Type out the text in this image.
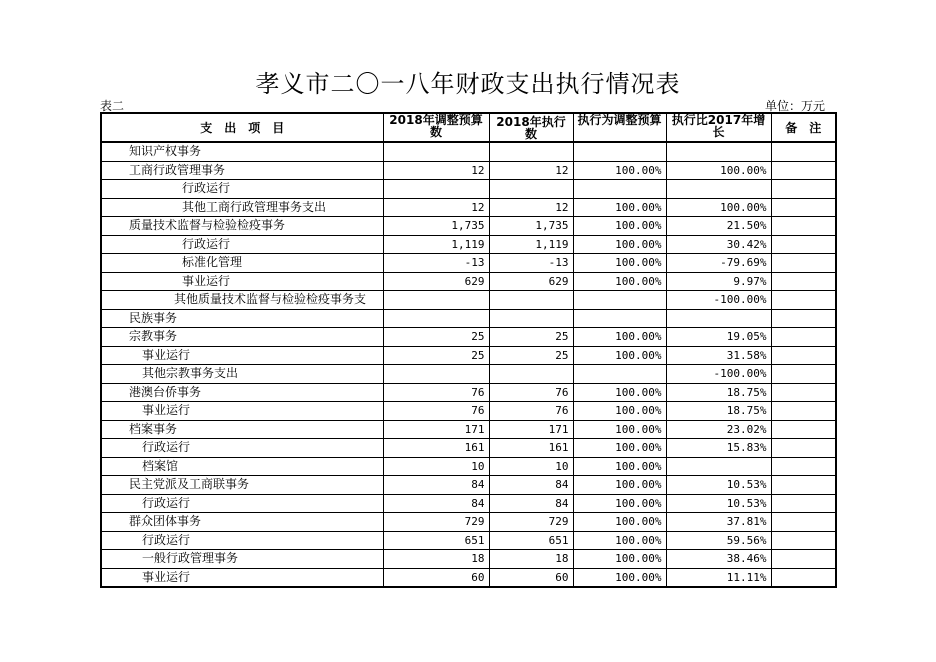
孝义市二〇一八年财政支出执行情况表
表二	单位：万元
支　出　项　目	2018年调整预算数	2018年执行数	执行为调整预算	执行比2017年增长	备　注
知识产权事务					
工商行政管理事务	12	12	100.00%	100.00%	
行政运行					
其他工商行政管理事务支出	12	12	100.00%	100.00%	
质量技术监督与检验检疫事务	1,735	1,735	100.00%	21.50%	
行政运行	1,119	1,119	100.00%	30.42%	
标准化管理	-13	-13	100.00%	-79.69%	
事业运行	629	629	100.00%	9.97%	
其他质量技术监督与检验检疫事务支				-100.00%	
民族事务					
宗教事务	25	25	100.00%	19.05%	
事业运行	25	25	100.00%	31.58%	
其他宗教事务支出				-100.00%	
港澳台侨事务	76	76	100.00%	18.75%	
事业运行	76	76	100.00%	18.75%	
档案事务	171	171	100.00%	23.02%	
行政运行	161	161	100.00%	15.83%	
档案馆	10	10	100.00%		
民主党派及工商联事务	84	84	100.00%	10.53%	
行政运行	84	84	100.00%	10.53%	
群众团体事务	729	729	100.00%	37.81%	
行政运行	651	651	100.00%	59.56%	
一般行政管理事务	18	18	100.00%	38.46%	
事业运行	60	60	100.00%	11.11%	
